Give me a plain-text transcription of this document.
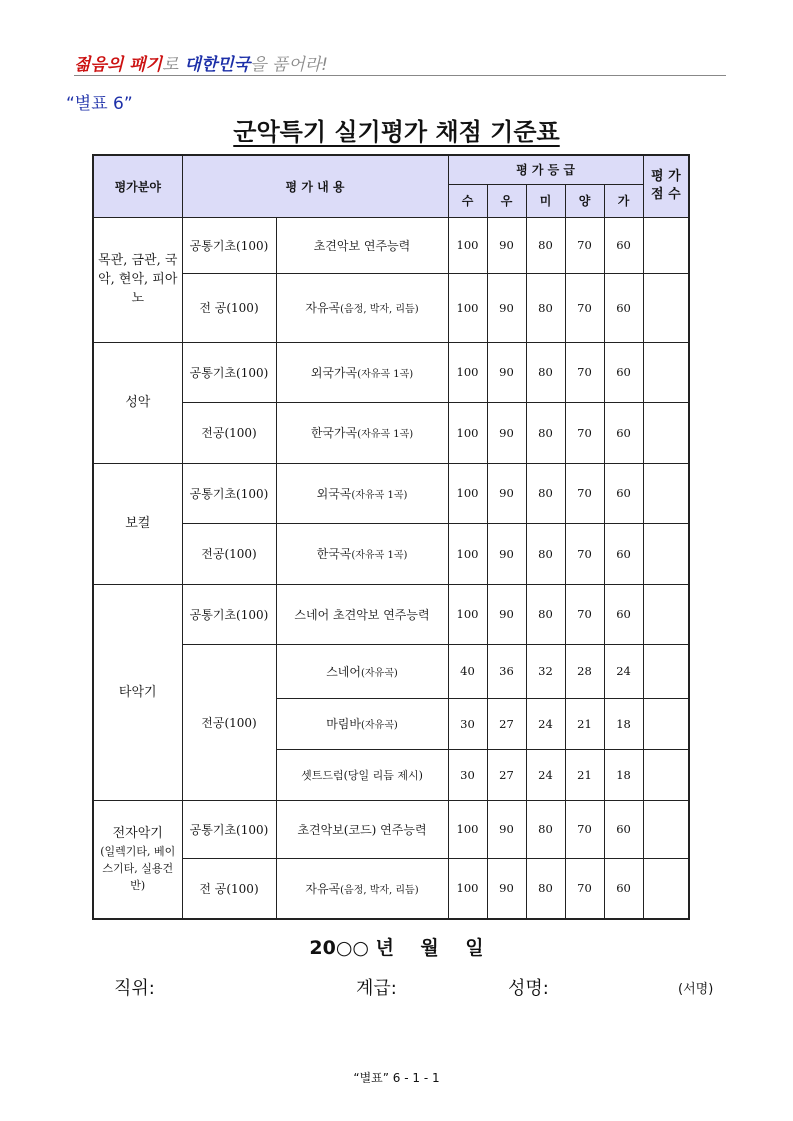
젊음의 패기로 대한민국을 품어라!
“별표 6”
군악특기 실기평가 채점 기준표
평가분야	평 가 내 용		평 가 등 급					평 가 점 수
			수	우	미	양	가	
목관, 금관, 국악, 현악, 피아노	공통기초(100)	초견악보 연주능력	100	90	80	70	60	
	전 공(100)	자유곡(음정, 박자, 리듬)	100	90	80	70	60	
성악	공통기초(100)	외국가곡(자유곡 1곡)	100	90	80	70	60	
	전공(100)	한국가곡(자유곡 1곡)	100	90	80	70	60	
보컬	공통기초(100)	외국곡(자유곡 1곡)	100	90	80	70	60	
	전공(100)	한국곡(자유곡 1곡)	100	90	80	70	60	
타악기	공통기초(100)	스네어 초견악보 연주능력	100	90	80	70	60	
	전공(100)	스네어(자유곡)	40	36	32	28	24	
		마림바(자유곡)	30	27	24	21	18	
		셋트드럼(당일 리듬 제시)	30	27	24	21	18	

전자악기
(일렉기타, 베이스기타, 실용건반)	공통기초(100)	초견악보(코드) 연주능력	100	90	80	70	60	
	전 공(100)	자유곡(음정, 박자, 리듬)	100	90	80	70	60	
20○○ 년    월    일
직위:	계급:	성명:	(서명)
“별표” 6 - 1 - 1
